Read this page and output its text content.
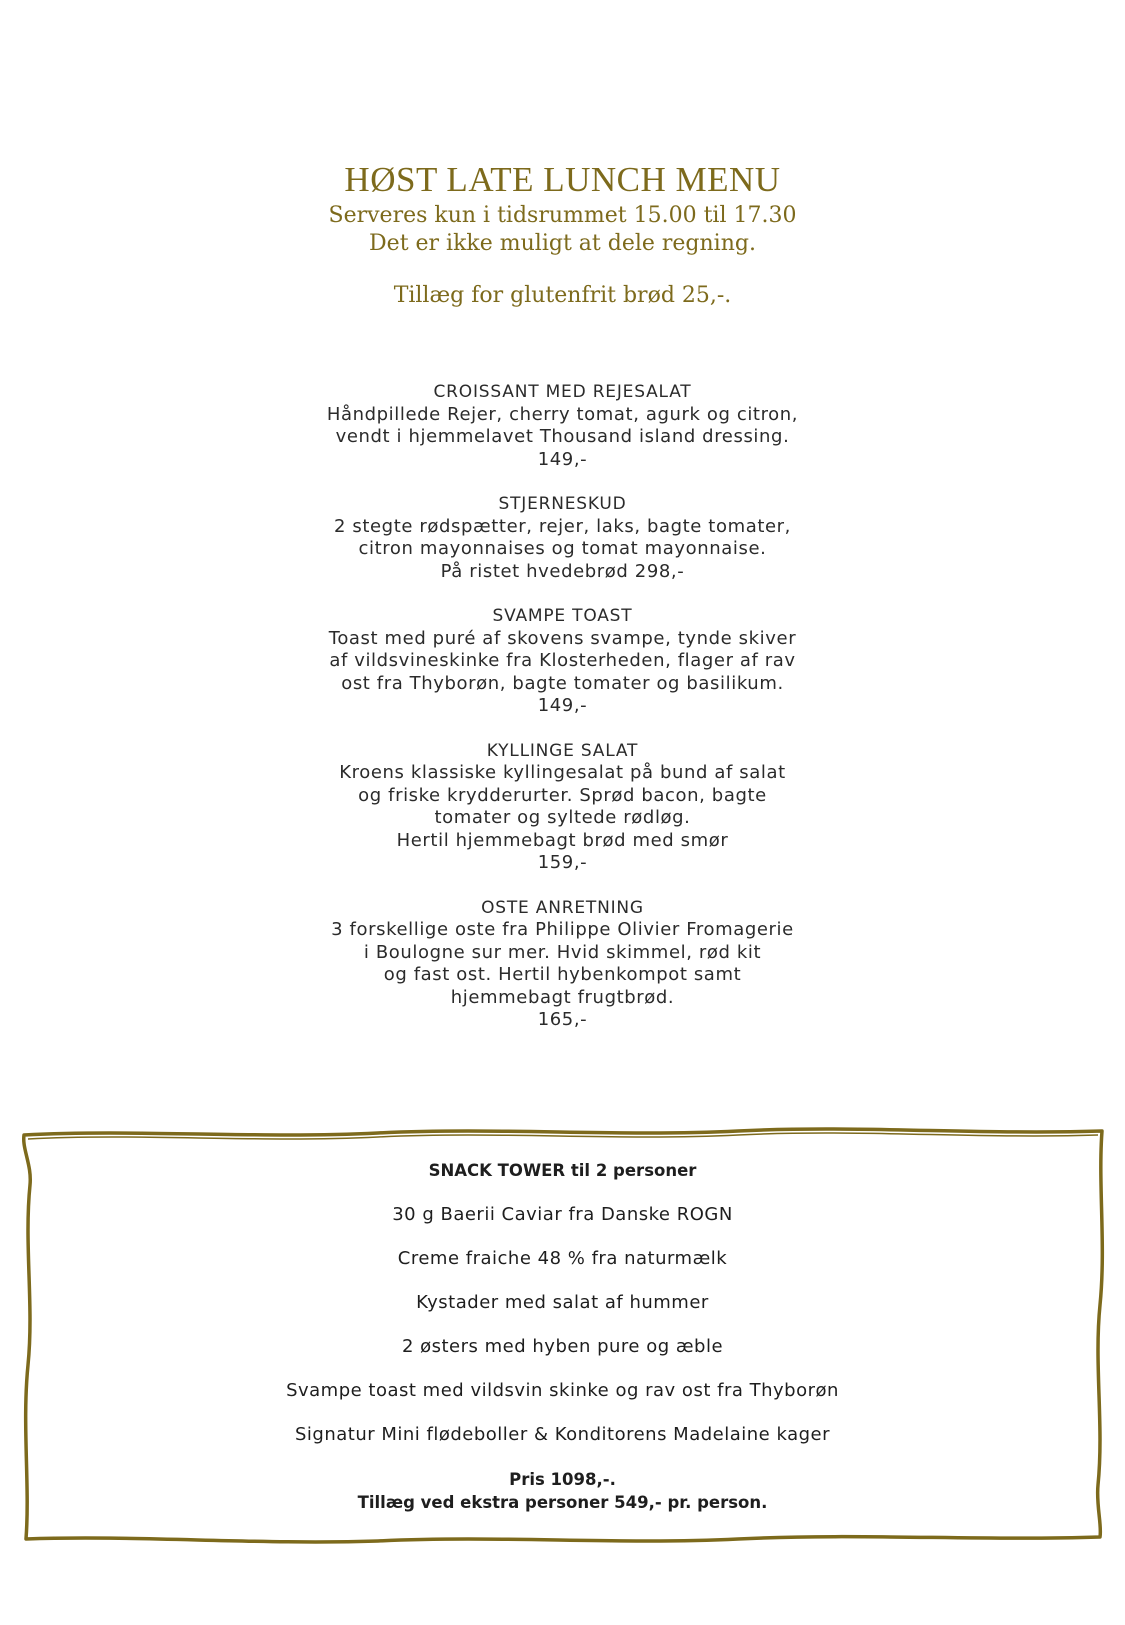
HØST LATE LUNCH MENU
Serveres kun i tidsrummet 15.00 til 17.30
Det er ikke muligt at dele regning.
Tillæg for glutenfrit brød 25,-.
CROISSANT MED REJESALAT
Håndpillede Rejer, cherry tomat, agurk og citron,
vendt i hjemmelavet Thousand island dressing.
149,-
STJERNESKUD
2 stegte rødspætter, rejer, laks, bagte tomater,
citron mayonnaises og tomat mayonnaise.
På ristet hvedebrød 298,-
SVAMPE TOAST
Toast med puré af skovens svampe, tynde skiver
af vildsvineskinke fra Klosterheden, flager af rav
ost fra Thyborøn, bagte tomater og basilikum.
149,-
KYLLINGE SALAT
Kroens klassiske kyllingesalat på bund af salat
og friske krydderurter. Sprød bacon, bagte
tomater og syltede rødløg.
Hertil hjemmebagt brød med smør
159,-
OSTE ANRETNING
3 forskellige oste fra Philippe Olivier Fromagerie
i Boulogne sur mer. Hvid skimmel, rød kit
og fast ost. Hertil hybenkompot samt
hjemmebagt frugtbrød.
165,-
SNACK TOWER til 2 personer
30 g Baerii Caviar fra Danske ROGN
Creme fraiche 48 % fra naturmælk
Kystader med salat af hummer
2 østers med hyben pure og æble
Svampe toast med vildsvin skinke og rav ost fra Thyborøn
Signatur Mini flødeboller & Konditorens Madelaine kager
Pris 1098,-.
Tillæg ved ekstra personer 549,- pr. person.
